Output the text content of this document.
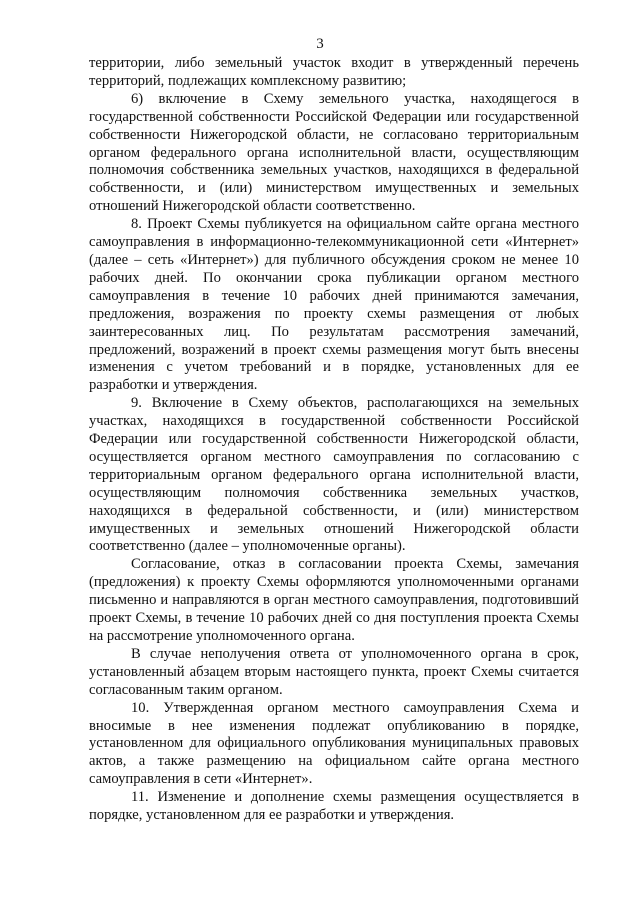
3

территории, либо земельный участок входит в утвержденный перечень территорий, подлежащих комплексному развитию;

6) включение в Схему земельного участка, находящегося в государственной собственности Российской Федерации или государственной собственности Нижегородской области, не согласовано территориальным органом федерального органа исполнительной власти, осуществляющим полномочия собственника земельных участков, находящихся в федеральной собственности, и (или) министерством имущественных и земельных отношений Нижегородской области соответственно.

8. Проект Схемы публикуется на официальном сайте органа местного самоуправления в информационно-телекоммуникационной сети «Интернет» (далее – сеть «Интернет») для публичного обсуждения сроком не менее 10 рабочих дней. По окончании срока публикации органом местного самоуправления в течение 10 рабочих дней принимаются замечания, предложения, возражения по проекту схемы размещения от любых заинтересованных лиц. По результатам рассмотрения замечаний, предложений, возражений в проект схемы размещения могут быть внесены изменения с учетом требований и в порядке, установленных для ее разработки и утверждения.

9. Включение в Схему объектов, располагающихся на земельных участках, находящихся в государственной собственности Российской Федерации или государственной собственности Нижегородской области, осуществляется органом местного самоуправления по согласованию с территориальным органом федерального органа исполнительной власти, осуществляющим полномочия собственника земельных участков, находящихся в федеральной собственности, и (или) министерством имущественных и земельных отношений Нижегородской области соответственно (далее – уполномоченные органы).

Согласование, отказ в согласовании проекта Схемы, замечания (предложения) к проекту Схемы оформляются уполномоченными органами письменно и направляются в орган местного самоуправления, подготовивший проект Схемы, в течение 10 рабочих дней со дня поступления проекта Схемы на рассмотрение уполномоченного органа.

В случае неполучения ответа от уполномоченного органа в срок, установленный абзацем вторым настоящего пункта, проект Схемы считается согласованным таким органом.

10. Утвержденная органом местного самоуправления Схема и вносимые в нее изменения подлежат опубликованию в порядке, установленном для официального опубликования муниципальных правовых актов, а также размещению на официальном сайте органа местного самоуправления в сети «Интернет».

11. Изменение и дополнение схемы размещения осуществляется в порядке, установленном для ее разработки и утверждения.
